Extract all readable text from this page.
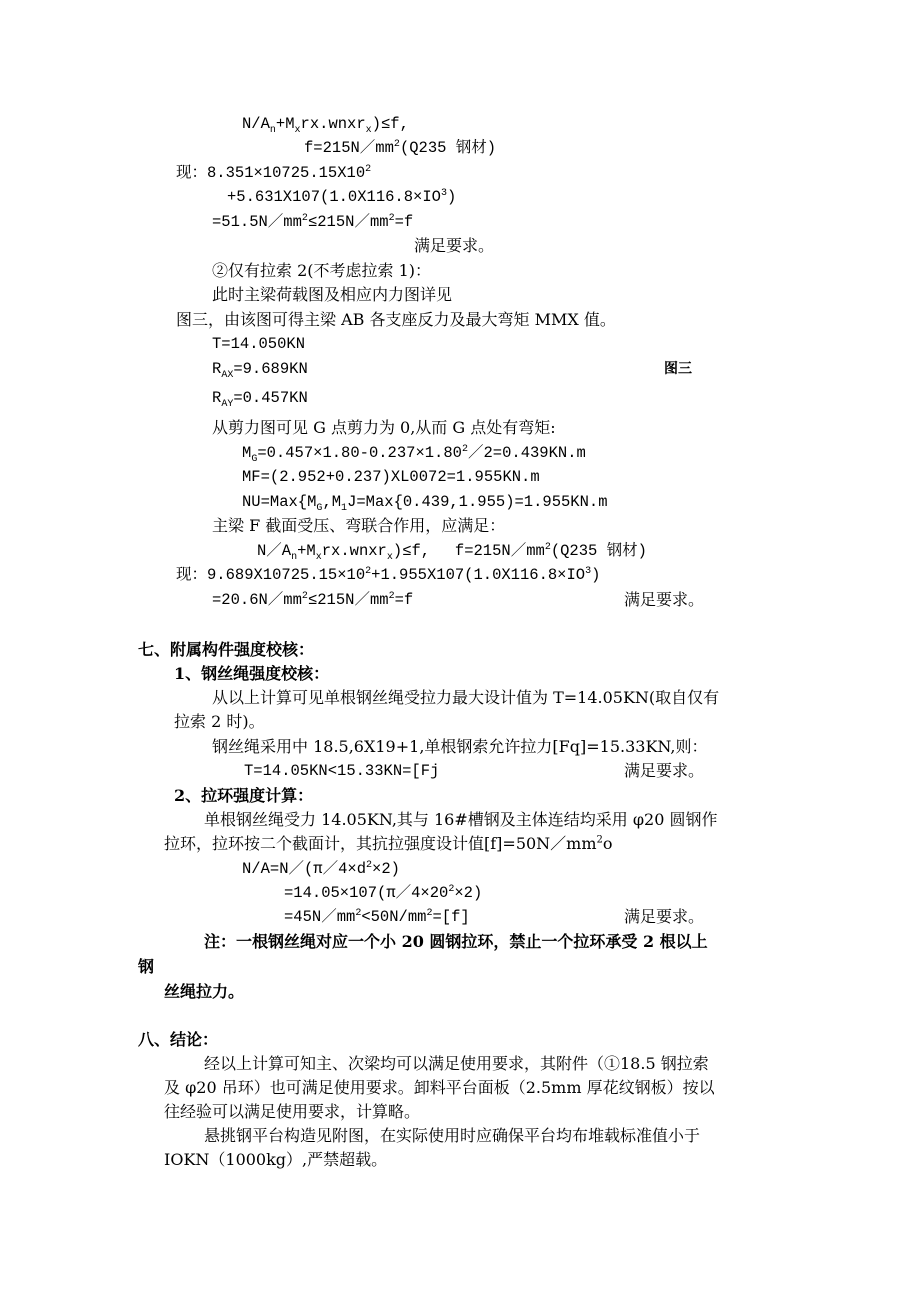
$N/A_n+M_xrx.wnxr_x)\le f$,
$f=215N/mm^2(Q235$ 钢材)
现：$8.351\times 10725.15X10^2$
$+5.631X107(1.0X116.8\times IO^3)$
$=51.5N/mm^2\le 215N/mm^2=f$
满足要求。
②仅有拉索 2(不考虑拉索 1)：
此时主梁荷载图及相应内力图详见
图三，由该图可得主梁 AB 各支座反力及最大弯矩 MMX 值。
T=14.050KN
$R_{AX}=9.689KN$	图三
$R_{AY}=0.457KN$
从剪力图可见 G 点剪力为 0,从而 G 点处有弯矩:
$M_G=0.457\times 1.80-0.237\times 1.80^2/2=0.439KN.m$
MF=(2.952+0.237)XL0072=1.955KN.m
$NU=Max\{M_G,M_1J=Max\{0.439,1.955)=1.955KN.m$
主梁 F 截面受压、弯联合作用，应满足：
$N/A_n+M_xrx.wnxr_x)\le f$,　 $f=215N/mm^2(Q235$ 钢材)
现：$9.689X10725.15\times 10^2+1.955X107(1.0X116.8\times IO^3)$
$=20.6N/mm^2\le 215N/mm^2=f$	满足要求。
七、附属构件强度校核：
1、钢丝绳强度校核：
从以上计算可见单根钢丝绳受拉力最大设计值为 T=14.05KN(取自仅有
拉索 2 时)。
钢丝绳采用中 18.5,6X19+1,单根钢索允许拉力[Fq]=15.33KN,则：
T=14.05KN<15.33KN=[Fj	满足要求。
2、拉环强度计算：
单根钢丝绳受力 14.05KN,其与 16#槽钢及主体连结均采用 φ20 圆钢作
拉环，拉环按二个截面计，其抗拉强度设计值$[f]=50N/mm^2o$
$N/A=N/(\pi/4\times d^2\times 2)$
$=14.05\times 107(\pi/4\times 20^2\times 2)$
$=45N/mm^2<50N/mm^2=[f]$	满足要求。
注：一根钢丝绳对应一个小 20 圆钢拉环，禁止一个拉环承受 2 根以上
钢
丝绳拉力。
八、结论：
经以上计算可知主、次梁均可以满足使用要求，其附件（①18.5 钢拉索
及 φ20 吊环）也可满足使用要求。卸料平台面板（2.5mm 厚花纹钢板）按以
往经验可以满足使用要求，计算略。
悬挑钢平台构造见附图，在实际使用时应确保平台均布堆载标准值小于
IOKN（1000kg）,严禁超载。
